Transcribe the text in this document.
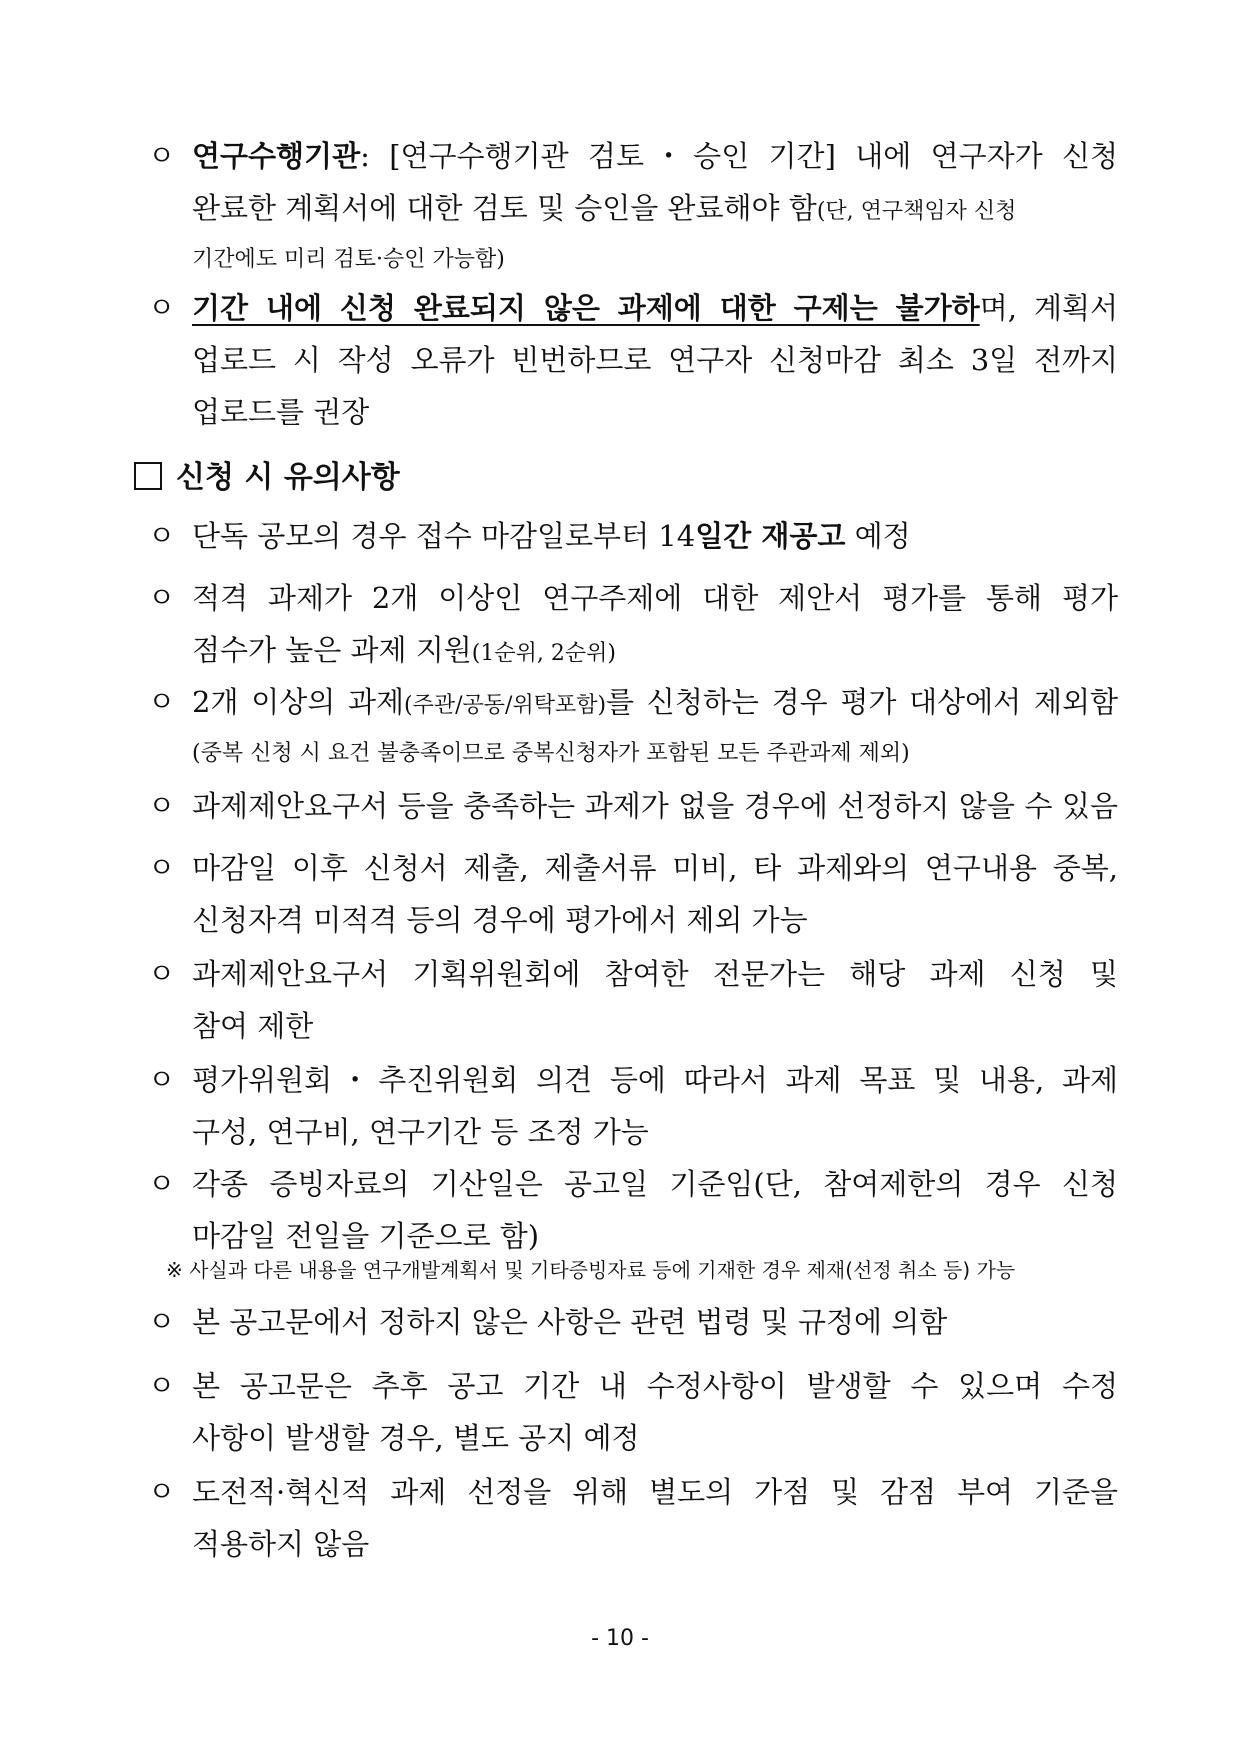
ㅇ 연구수행기관: [연구수행기관 검토・승인 기간] 내에 연구자가 신청
완료한 계획서에 대한 검토 및 승인을 완료해야 함(단, 연구책임자 신청
기간에도 미리 검토·승인 가능함)
ㅇ 기간 내에 신청 완료되지 않은 과제에 대한 구제는 불가하며, 계획서
업로드 시 작성 오류가 빈번하므로 연구자 신청마감 최소 3일 전까지
업로드를 권장
신청 시 유의사항
ㅇ 단독 공모의 경우 접수 마감일로부터 14일간 재공고 예정
ㅇ 적격 과제가 2개 이상인 연구주제에 대한 제안서 평가를 통해 평가
점수가 높은 과제 지원(1순위, 2순위)
ㅇ 2개 이상의 과제(주관/공동/위탁포함)를 신청하는 경우 평가 대상에서 제외함
(중복 신청 시 요건 불충족이므로 중복신청자가 포함된 모든 주관과제 제외)
ㅇ 과제제안요구서 등을 충족하는 과제가 없을 경우에 선정하지 않을 수 있음
ㅇ 마감일 이후 신청서 제출, 제출서류 미비, 타 과제와의 연구내용 중복,
신청자격 미적격 등의 경우에 평가에서 제외 가능
ㅇ 과제제안요구서 기획위원회에 참여한 전문가는 해당 과제 신청 및
참여 제한
ㅇ 평가위원회・추진위원회 의견 등에 따라서 과제 목표 및 내용, 과제
구성, 연구비, 연구기간 등 조정 가능
ㅇ 각종 증빙자료의 기산일은 공고일 기준임(단, 참여제한의 경우 신청
마감일 전일을 기준으로 함)
※ 사실과 다른 내용을 연구개발계획서 및 기타증빙자료 등에 기재한 경우 제재(선정 취소 등) 가능
ㅇ 본 공고문에서 정하지 않은 사항은 관련 법령 및 규정에 의함
ㅇ 본 공고문은 추후 공고 기간 내 수정사항이 발생할 수 있으며 수정
사항이 발생할 경우, 별도 공지 예정
ㅇ 도전적·혁신적 과제 선정을 위해 별도의 가점 및 감점 부여 기준을
적용하지 않음
- 10 -
